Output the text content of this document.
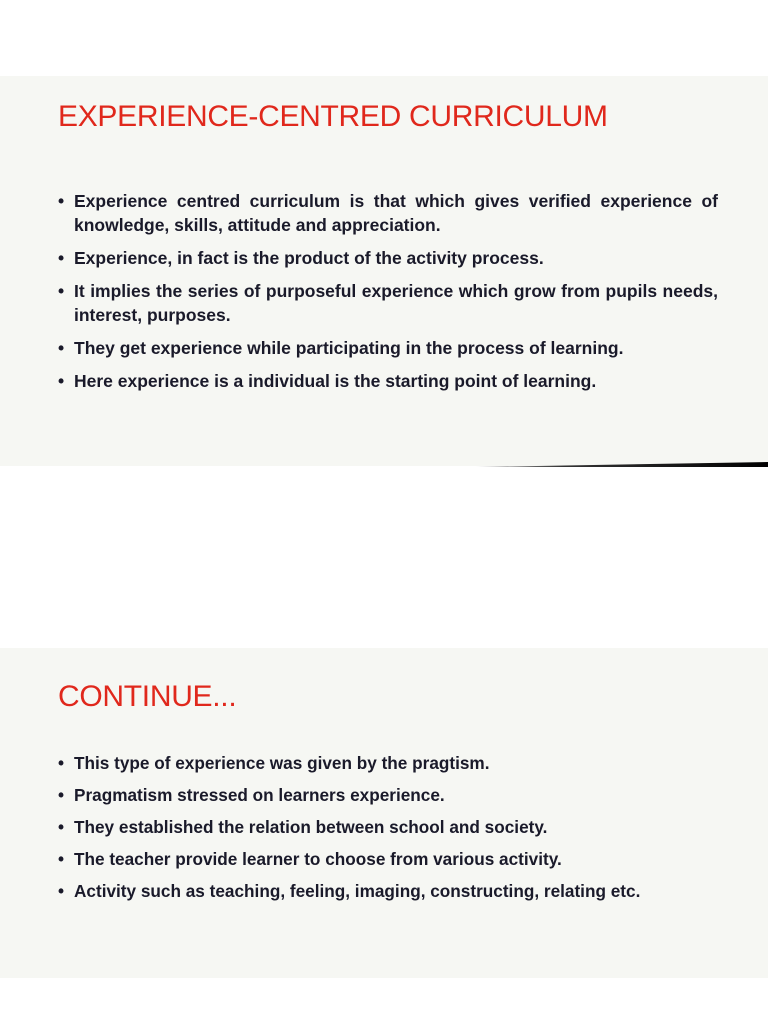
EXPERIENCE-CENTRED CURRICULUM
• Experience centred curriculum is that which gives verified experience of knowledge, skills, attitude and appreciation.
• Experience, in fact is the product of the activity process.
• It implies the series of purposeful experience which grow from pupils needs, interest, purposes.
• They get experience while participating in the process of learning.
• Here experience is a individual is the starting point of learning.
CONTINUE...
• This type of experience was given by the pragtism.
• Pragmatism stressed on learners experience.
• They established the relation between school and society.
• The teacher provide learner to choose from various activity.
• Activity such as teaching, feeling, imaging, constructing, relating etc.
